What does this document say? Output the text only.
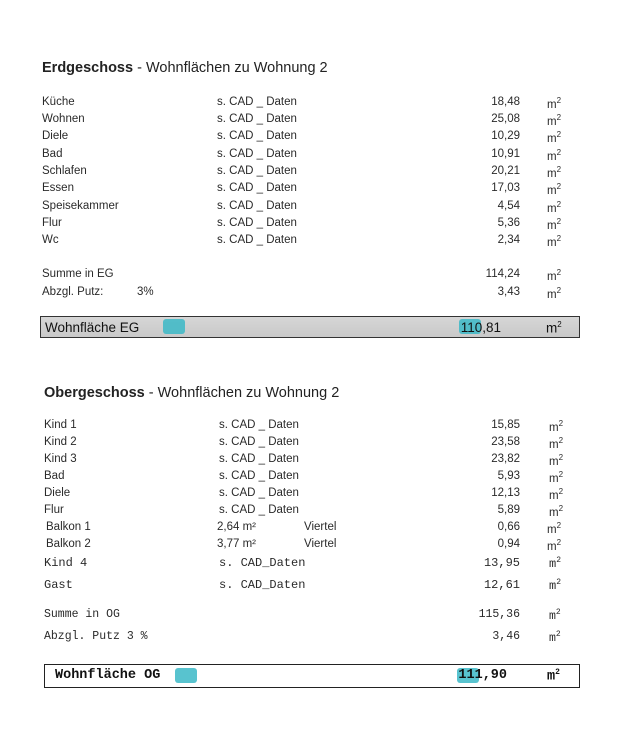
Erdgeschoss - Wohnflächen zu Wohnung 2
Küche	s. CAD _ Daten	18,48 $m^2$
Wohnen	s. CAD _ Daten	25,08 $m^2$
Diele	s. CAD _ Daten	10,29 $m^2$
Bad	s. CAD _ Daten	10,91 $m^2$
Schlafen	s. CAD _ Daten	20,21 $m^2$
Essen	s. CAD _ Daten	17,03 $m^2$
Speisekammer	s. CAD _ Daten	4,54 $m^2$
Flur	s. CAD _ Daten	5,36 $m^2$
Wc	s. CAD _ Daten	2,34 $m^2$
Summe in EG	114,24 $m^2$
Abzgl. Putz:	3%	3,43 $m^2$
Wohnfläche EG	110,81	$m^2$
Obergeschoss - Wohnflächen zu Wohnung 2
Kind 1	s. CAD _ Daten	15,85	$m^2$
Kind 2	s. CAD _ Daten	23,58	$m^2$
Kind 3	s. CAD _ Daten	23,82	$m^2$
Bad	s. CAD _ Daten	5,93	$m^2$
Diele	s. CAD _ Daten	12,13	$m^2$
Flur	s. CAD _ Daten	5,89	$m^2$
Balkon 1	2,64 m²	Viertel	0,66 $m^2$
Balkon 2	3,77 m²	Viertel	0,94 $m^2$
Kind 4	s. CAD_Daten	13,95 $m^2$
Gast	s. CAD_Daten	12,61 $m^2$
Summe in OG	115,36	$m^2$
Abzgl. Putz 3 %	3,46	$m^2$
Wohnfläche OG	111,90	$m^2$
